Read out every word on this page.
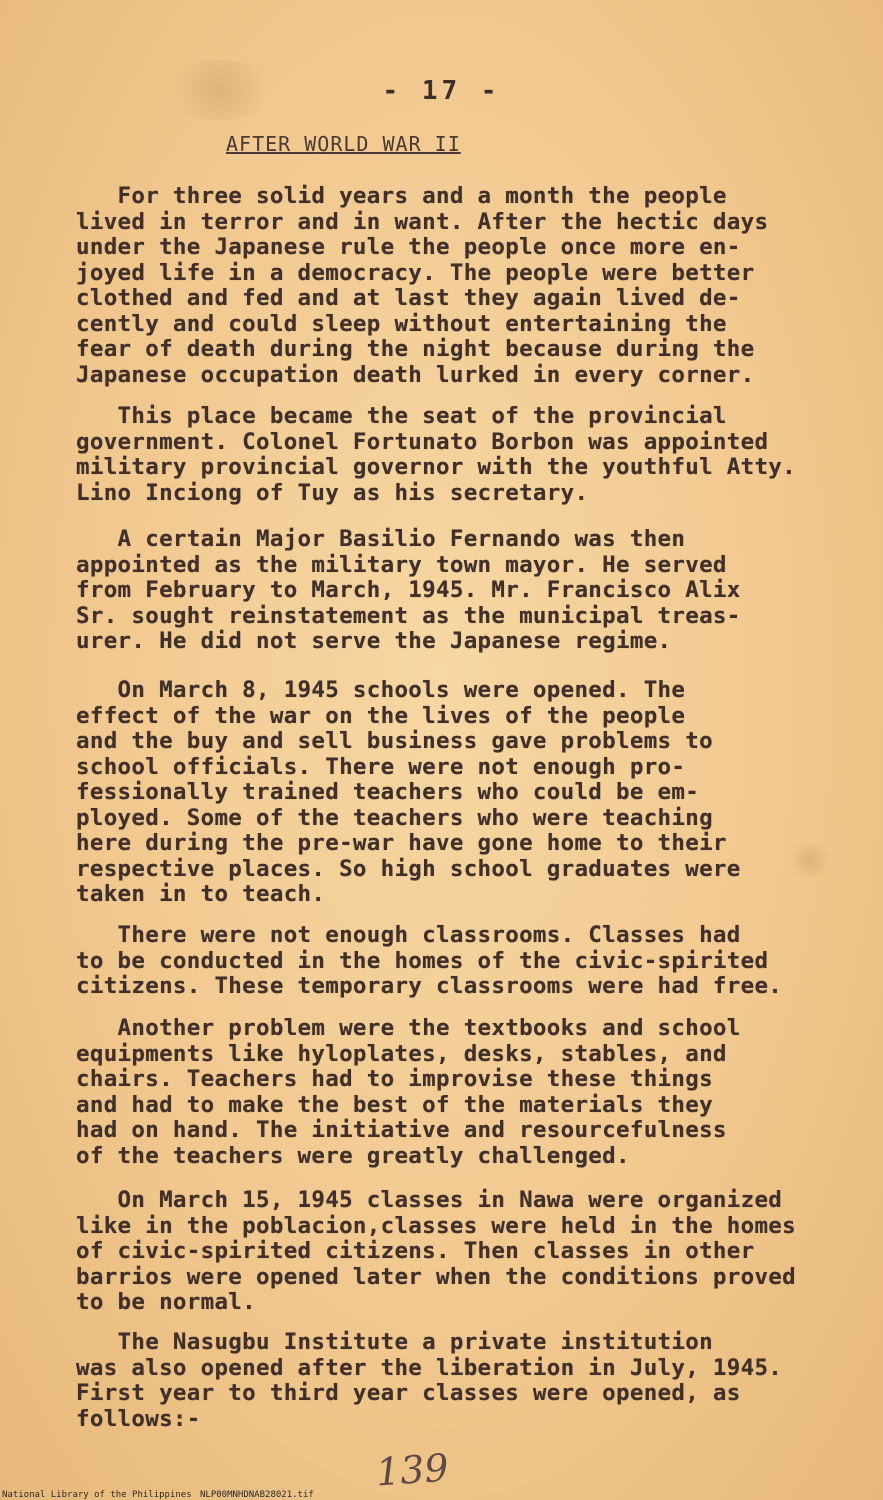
- 17 -
AFTER WORLD WAR II

For three solid years and a month the people
lived in terror and in want. After the hectic days
under the Japanese rule the people once more en-
joyed life in a democracy. The people were better
clothed and fed and at last they again lived de-
cently and could sleep without entertaining the
fear of death during the night because during the
Japanese occupation death lurked in every corner.

This place became the seat of the provincial
government. Colonel Fortunato Borbon was appointed
military provincial governor with the youthful Atty.
Lino Inciong of Tuy as his secretary.

A certain Major Basilio Fernando was then
appointed as the military town mayor. He served
from February to March, 1945. Mr. Francisco Alix
Sr. sought reinstatement as the municipal treas-
urer. He did not serve the Japanese regime.

On March 8, 1945 schools were opened. The
effect of the war on the lives of the people
and the buy and sell business gave problems to
school officials. There were not enough pro-
fessionally trained teachers who could be em-
ployed. Some of the teachers who were teaching
here during the pre-war have gone home to their
respective places. So high school graduates were
taken in to teach.

There were not enough classrooms. Classes had
to be conducted in the homes of the civic-spirited
citizens. These temporary classrooms were had free.

Another problem were the textbooks and school
equipments like hyloplates, desks, stables, and
chairs. Teachers had to improvise these things
and had to make the best of the materials they
had on hand. The initiative and resourcefulness
of the teachers were greatly challenged.

On March 15, 1945 classes in Nawa were organized
like in the poblacion,classes were held in the homes
of civic-spirited citizens. Then classes in other
barrios were opened later when the conditions proved
to be normal.

The Nasugbu Institute a private institution
was also opened after the liberation in July, 1945.
First year to third year classes were opened, as
follows:-

139
National Library of the Philippines NLP00MNHDNAB28021.tif
